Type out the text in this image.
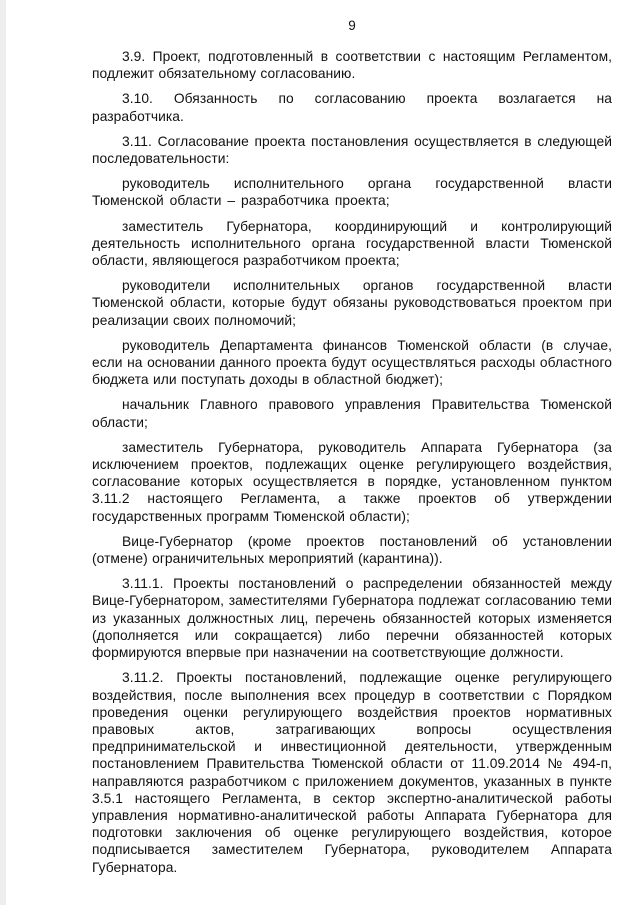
9

3.9. Проект, подготовленный в соответствии с настоящим Регламентом, подлежит обязательному согласованию.

3.10. Обязанность по согласованию проекта возлагается на разработчика.

3.11. Согласование проекта постановления осуществляется в следующей последовательности:

руководитель исполнительного органа государственной власти Тюменской области – разработчика проекта;

заместитель Губернатора, координирующий и контролирующий деятельность исполнительного органа государственной власти Тюменской области, являющегося разработчиком проекта;

руководители исполнительных органов государственной власти Тюменской области, которые будут обязаны руководствоваться проектом при реализации своих полномочий;

руководитель Департамента финансов Тюменской области (в случае, если на основании данного проекта будут осуществляться расходы областного бюджета или поступать доходы в областной бюджет);

начальник Главного правового управления Правительства Тюменской области;

заместитель Губернатора, руководитель Аппарата Губернатора (за исключением проектов, подлежащих оценке регулирующего воздействия, согласование которых осуществляется в порядке, установленном пунктом 3.11.2 настоящего Регламента, а также проектов об утверждении государственных программ Тюменской области);

Вице-Губернатор (кроме проектов постановлений об установлении (отмене) ограничительных мероприятий (карантина)).

3.11.1. Проекты постановлений о распределении обязанностей между Вице-Губернатором, заместителями Губернатора подлежат согласованию теми из указанных должностных лиц, перечень обязанностей которых изменяется (дополняется или сокращается) либо перечни обязанностей которых формируются впервые при назначении на соответствующие должности.

3.11.2. Проекты постановлений, подлежащие оценке регулирующего воздействия, после выполнения всех процедур в соответствии с Порядком проведения оценки регулирующего воздействия проектов нормативных правовых актов, затрагивающих вопросы осуществления предпринимательской и инвестиционной деятельности, утвержденным постановлением Правительства Тюменской области от 11.09.2014 № 494-п, направляются разработчиком с приложением документов, указанных в пункте 3.5.1 настоящего Регламента, в сектор экспертно-аналитической работы управления нормативно-аналитической работы Аппарата Губернатора для подготовки заключения об оценке регулирующего воздействия, которое подписывается заместителем Губернатора, руководителем Аппарата Губернатора.
